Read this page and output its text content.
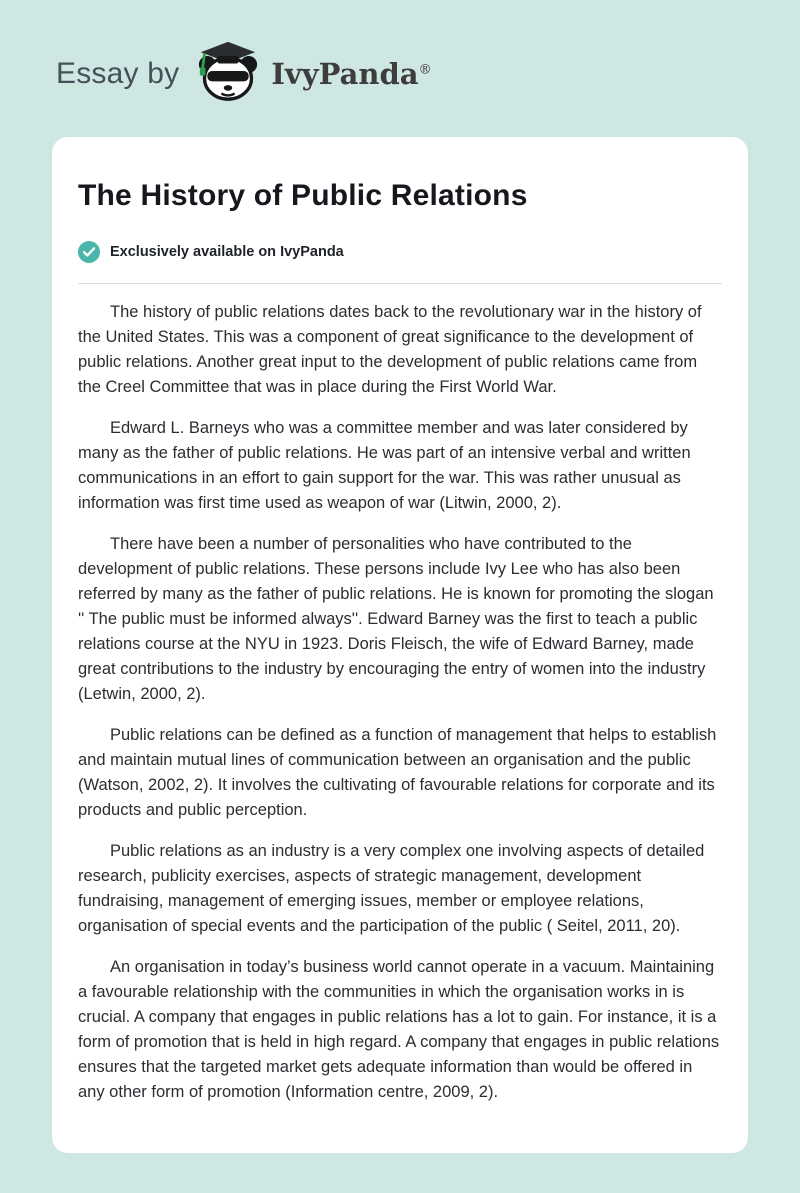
Essay by	IvyPanda®
The History of Public Relations
Exclusively available on IvyPanda

The history of public relations dates back to the revolutionary war in the history of the United States. This was a component of great significance to the development of public relations. Another great input to the development of public relations came from the Creel Committee that was in place during the First World War.

Edward L. Barneys who was a committee member and was later considered by many as the father of public relations. He was part of an intensive verbal and written communications in an effort to gain support for the war. This was rather unusual as information was first time used as weapon of war (Litwin, 2000, 2).

There have been a number of personalities who have contributed to the development of public relations. These persons include Ivy Lee who has also been referred by many as the father of public relations. He is known for promoting the slogan '' The public must be informed always''. Edward Barney was the first to teach a public relations course at the NYU in 1923. Doris Fleisch, the wife of Edward Barney, made great contributions to the industry by encouraging the entry of women into the industry (Letwin, 2000, 2).

Public relations can be defined as a function of management that helps to establish and maintain mutual lines of communication between an organisation and the public (Watson, 2002, 2). It involves the cultivating of favourable relations for corporate and its products and public perception.

Public relations as an industry is a very complex one involving aspects of detailed research, publicity exercises, aspects of strategic management, development fundraising, management of emerging issues, member or employee relations, organisation of special events and the participation of the public ( Seitel, 2011, 20).

An organisation in today’s business world cannot operate in a vacuum. Maintaining a favourable relationship with the communities in which the organisation works in is crucial. A company that engages in public relations has a lot to gain. For instance, it is a form of promotion that is held in high regard. A company that engages in public relations ensures that the targeted market gets adequate information than would be offered in any other form of promotion (Information centre, 2009, 2).
